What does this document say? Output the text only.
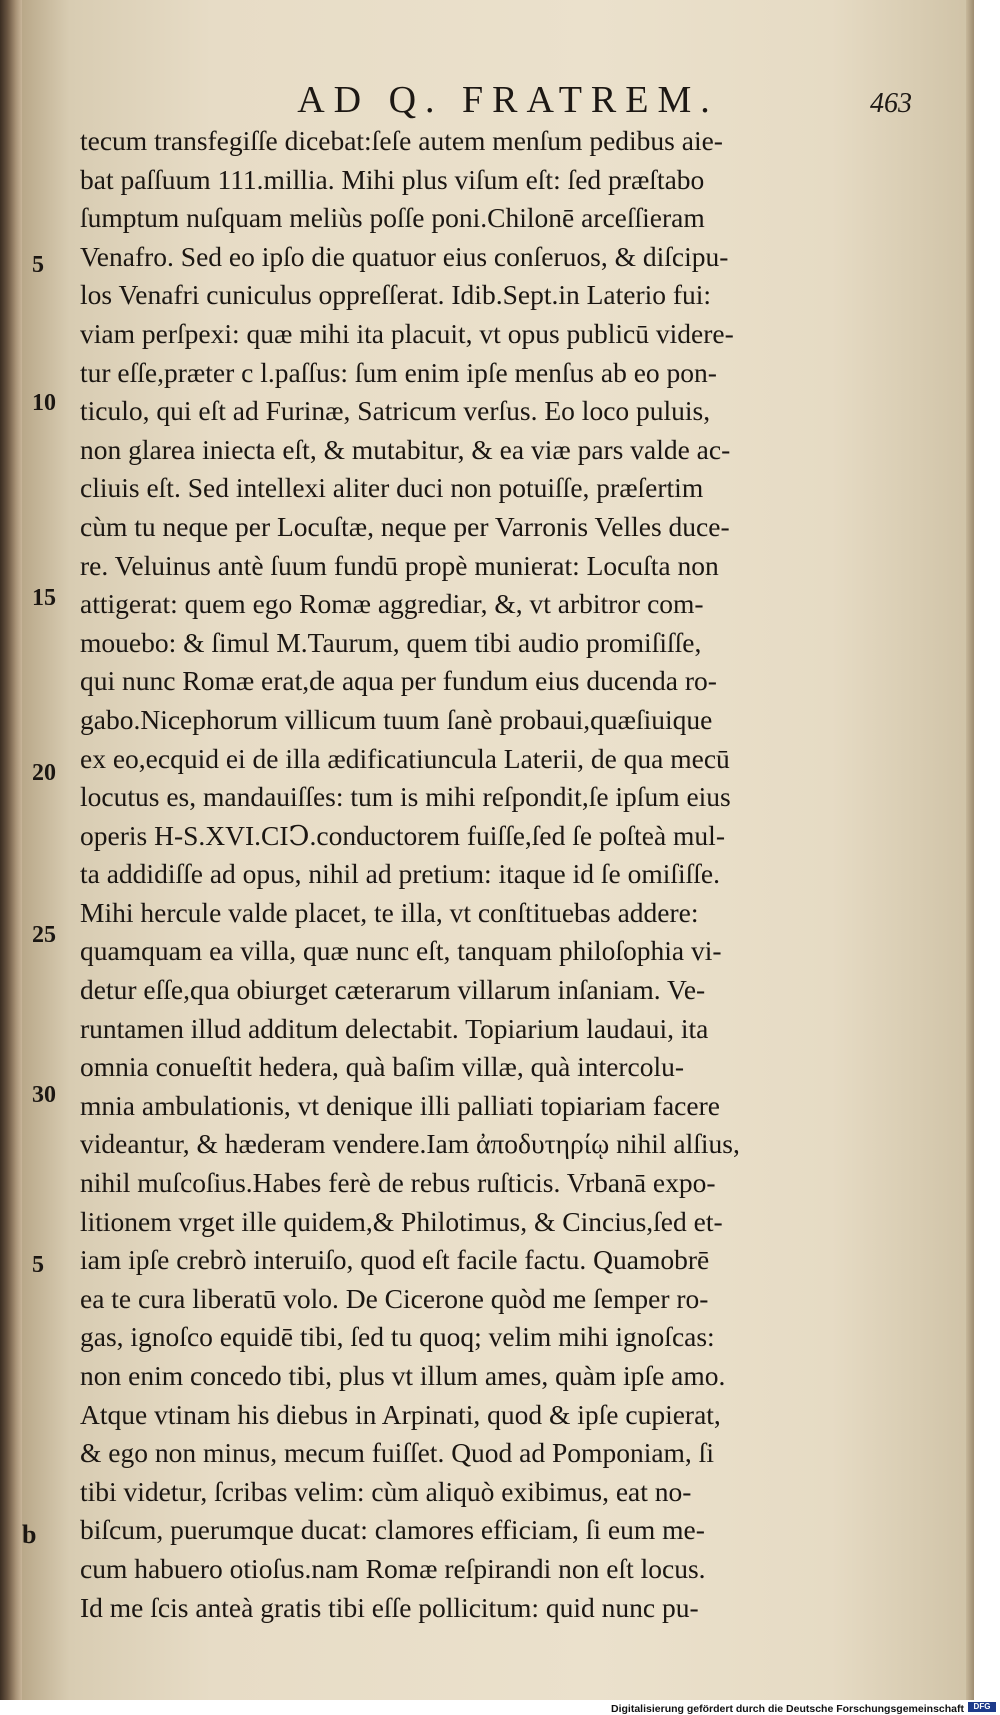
AD Q. FRATREM.	463
5
10
15
20
25
30
5
tecum transfegiſſe dicebat:ſeſe autem menſum pedibus aie-
bat paſſuum 111.millia. Mihi plus viſum eſt: ſed præſtabo
ſumptum nuſquam meliùs poſſe poni.Chilonē arceſſieram
Venafro. Sed eo ipſo die quatuor eius conſeruos, & diſcipu-
los Venafri cuniculus oppreſſerat. Idib.Sept.in Laterio fui:
viam perſpexi: quæ mihi ita placuit, vt opus publicū videre-
tur eſſe,præter c l.paſſus: ſum enim ipſe menſus ab eo pon-
ticulo, qui eſt ad Furinæ, Satricum verſus. Eo loco puluis,
non glarea iniecta eſt, & mutabitur, & ea viæ pars valde ac-
cliuis eſt. Sed intellexi aliter duci non potuiſſe, præſertim
cùm tu neque per Locuſtæ, neque per Varronis Velles duce-
re. Veluinus antè ſuum fundū propè munierat: Locuſta non
attigerat: quem ego Romæ aggrediar, &, vt arbitror com-
mouebo: & ſimul M.Taurum, quem tibi audio promiſiſſe,
qui nunc Romæ erat,de aqua per fundum eius ducenda ro-
gabo.Nicephorum villicum tuum ſanè probaui,quæſiuique
ex eo,ecquid ei de illa ædificatiuncula Laterii, de qua mecū
locutus es, mandauiſſes: tum is mihi reſpondit,ſe ipſum eius
operis H-S.XVI.CIↃ.conductorem fuiſſe,ſed ſe poſteà mul-
ta addidiſſe ad opus, nihil ad pretium: itaque id ſe omiſiſſe.
Mihi hercule valde placet, te illa, vt conſtituebas addere:
quamquam ea villa, quæ nunc eſt, tanquam philoſophia vi-
detur eſſe,qua obiurget cæterarum villarum inſaniam. Ve-
runtamen illud additum delectabit. Topiarium laudaui, ita
omnia conueſtit hedera, quà baſim villæ, quà intercolu-
mnia ambulationis, vt denique illi palliati topiariam facere
videantur, & hæderam vendere.Iam ἀποδυτηρίῳ nihil alſius,
nihil muſcoſius.Habes ferè de rebus ruſticis. Vrbanā expo-
litionem vrget ille quidem,& Philotimus, & Cincius,ſed et-
iam ipſe crebrò interuiſo, quod eſt facile factu. Quamobrē
ea te cura liberatū volo. De Cicerone quòd me ſemper ro-
gas, ignoſco equidē tibi, ſed tu quoq; velim mihi ignoſcas:
non enim concedo tibi, plus vt illum ames, quàm ipſe amo.
Atque vtinam his diebus in Arpinati, quod & ipſe cupierat,
& ego non minus, mecum fuiſſet. Quod ad Pomponiam, ſi
tibi videtur, ſcribas velim: cùm aliquò exibimus, eat no-
biſcum, puerumque ducat: clamores efficiam, ſi eum me-
cum habuero otioſus.nam Romæ reſpirandi non eſt locus.
Id me ſcis anteà gratis tibi eſſe pollicitum: quid nunc pu-
b
Digitalisierung gefördert durch die Deutsche Forschungsgemeinschaft	DFG
